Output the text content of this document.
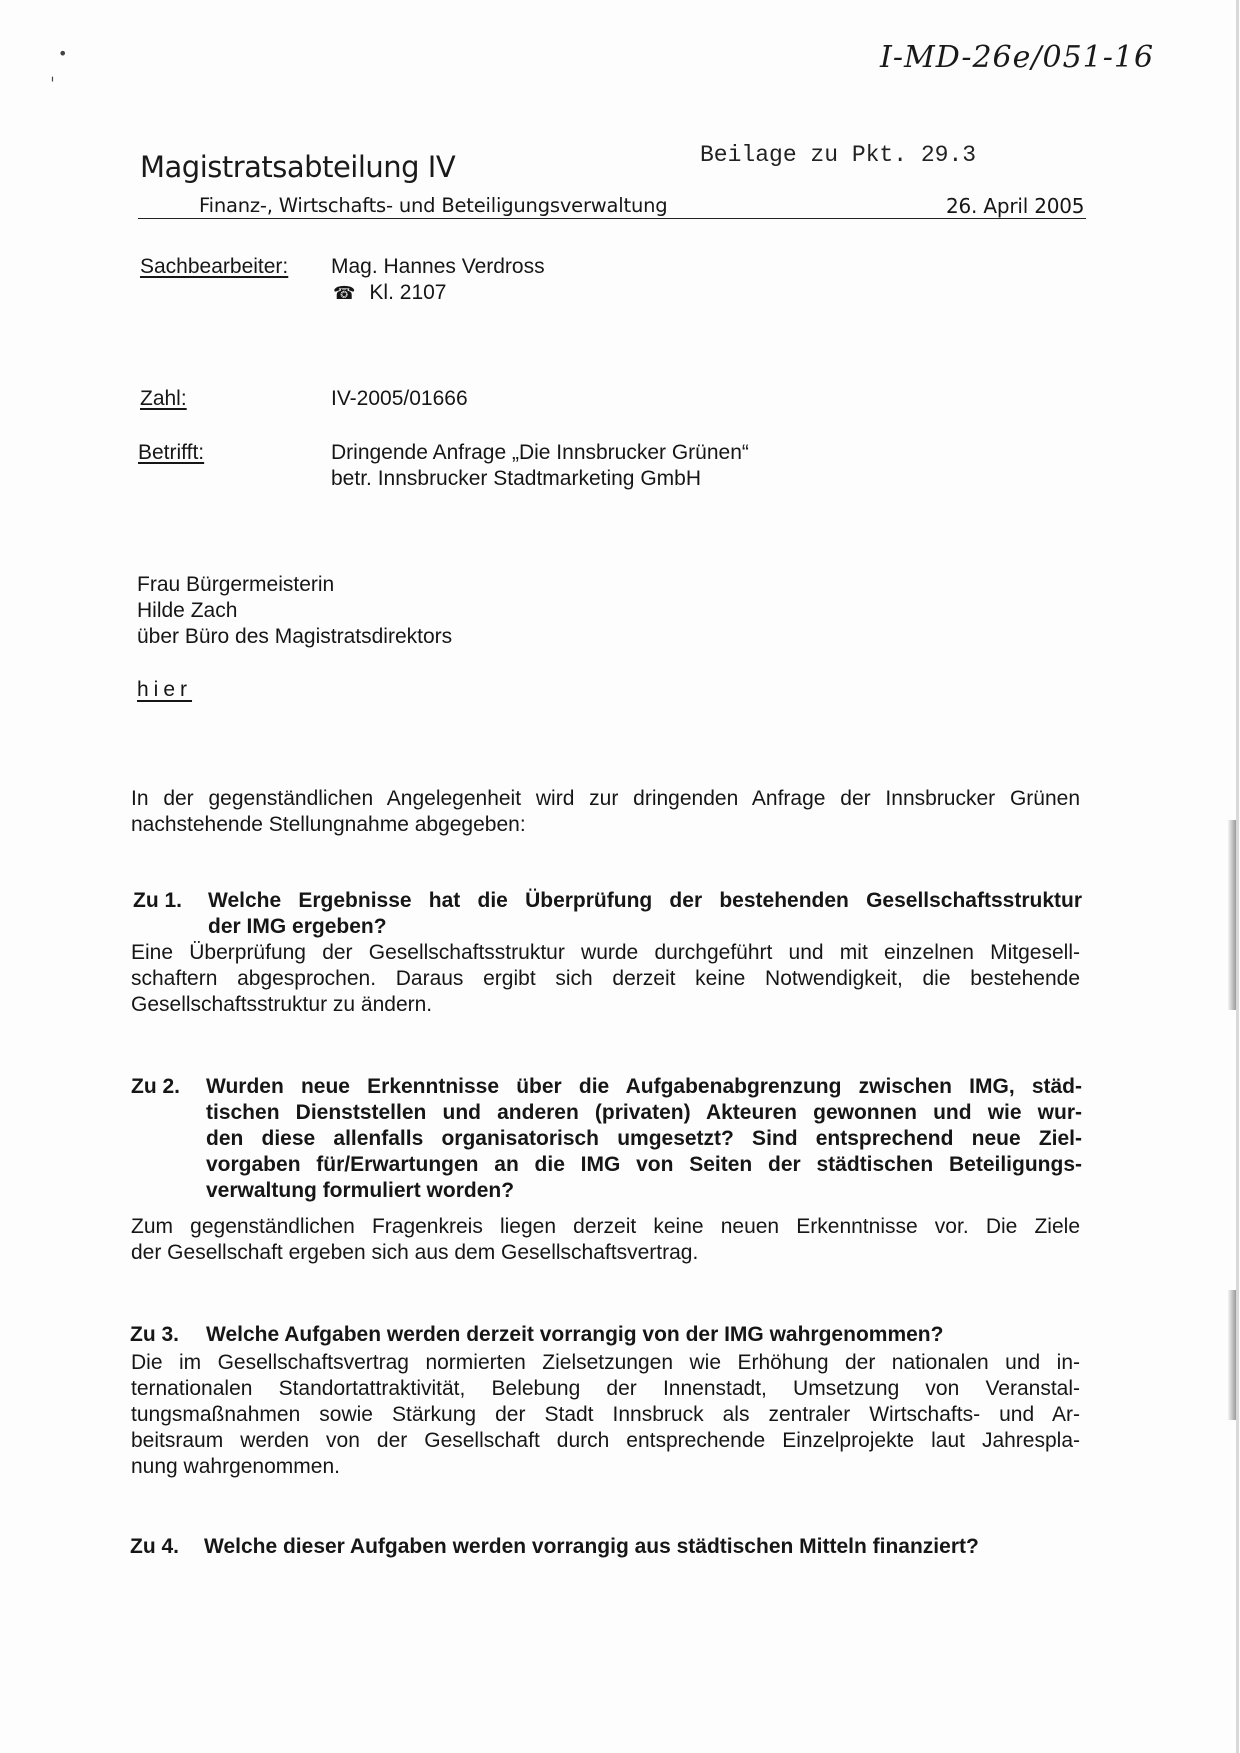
I-MD-26e/051-16
•
ˈ
Beilage zu Pkt. 29.3
Magistratsabteilung IV
Finanz-, Wirtschafts- und Beteiligungsverwaltung	26. April 2005
Sachbearbeiter: Mag. Hannes Verdross
☎ Kl. 2107
Zahl:	IV-2005/01666
Betrifft:	Dringende Anfrage „Die Innsbrucker Grünen“
betr. Innsbrucker Stadtmarketing GmbH
Frau Bürgermeisterin
Hilde Zach
über Büro des Magistratsdirektors
hier
In der gegenständlichen Angelegenheit wird zur dringenden Anfrage der Innsbrucker Grünen
nachstehende Stellungnahme abgegeben:
Zu 1. Welche Ergebnisse hat die Überprüfung der bestehenden Gesellschaftsstruktur
der IMG ergeben?
Eine Überprüfung der Gesellschaftsstruktur wurde durchgeführt und mit einzelnen Mitgesell-
schaftern abgesprochen. Daraus ergibt sich derzeit keine Notwendigkeit, die bestehende
Gesellschaftsstruktur zu ändern.
Zu 2. Wurden neue Erkenntnisse über die Aufgabenabgrenzung zwischen IMG, städ-
tischen Dienststellen und anderen (privaten) Akteuren gewonnen und wie wur-
den diese allenfalls organisatorisch umgesetzt? Sind entsprechend neue Ziel-
vorgaben für/Erwartungen an die IMG von Seiten der städtischen Beteiligungs-
verwaltung formuliert worden?
Zum gegenständlichen Fragenkreis liegen derzeit keine neuen Erkenntnisse vor. Die Ziele
der Gesellschaft ergeben sich aus dem Gesellschaftsvertrag.
Zu 3. Welche Aufgaben werden derzeit vorrangig von der IMG wahrgenommen?
Die im Gesellschaftsvertrag normierten Zielsetzungen wie Erhöhung der nationalen und in-
ternationalen Standortattraktivität, Belebung der Innenstadt, Umsetzung von Veranstal-
tungsmaßnahmen sowie Stärkung der Stadt Innsbruck als zentraler Wirtschafts- und Ar-
beitsraum werden von der Gesellschaft durch entsprechende Einzelprojekte laut Jahrespla-
nung wahrgenommen.
Zu 4. Welche dieser Aufgaben werden vorrangig aus städtischen Mitteln finanziert?
